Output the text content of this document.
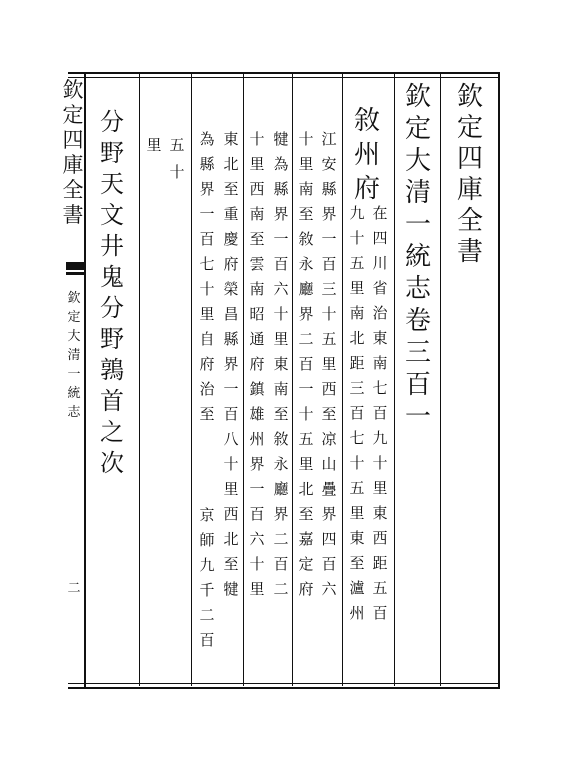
欽
定
四
庫
全
書
欽
定
大
清
一
統
志
卷
三
百
一
敘
州
府
在
四
川
省
治
東
南
七
百
九
十
里
東
西
距
五
百
九
十
五
里
南
北
距
三
百
七
十
五
里
東
至
瀘
州
江
安
縣
界
一
百
三
十
五
里
西
至
凉
山
疊
界
四
百
六
十
里
南
至
敘
永
廳
界
二
百
一
十
五
里
北
至
嘉
定
府
犍
為
縣
界
一
百
六
十
里
東
南
至
敘
永
廳
界
二
百
二
十
里
西
南
至
雲
南
昭
通
府
鎮
雄
州
界
一
百
六
十
里
東
北
至
重
慶
府
榮
昌
縣
界
一
百
八
十
里
西
北
至
犍
為
縣
界
一
百
七
十
里
自
府
治
至
京
師
九
千
二
百
五
十
里
分
野
天
文
井
鬼
分
野
鶉
首
之
次
欽
定
四
庫
全
書
欽
定
大
清
一
統
志
二
